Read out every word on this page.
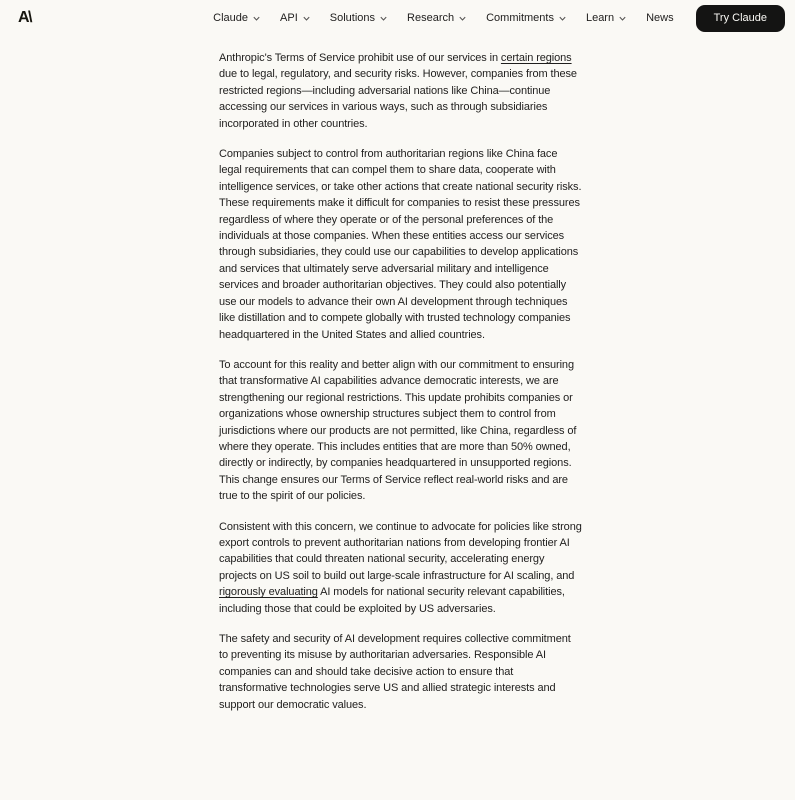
A\	Claude	API	Solutions	Research	Commitments	Learn	News	Try Claude

Anthropic's Terms of Service prohibit use of our services in certain regions due to legal, regulatory, and security risks. However, companies from these restricted regions—including adversarial nations like China—continue accessing our services in various ways, such as through subsidiaries incorporated in other countries.

Companies subject to control from authoritarian regions like China face legal requirements that can compel them to share data, cooperate with intelligence services, or take other actions that create national security risks. These requirements make it difficult for companies to resist these pressures regardless of where they operate or of the personal preferences of the individuals at those companies. When these entities access our services through subsidiaries, they could use our capabilities to develop applications and services that ultimately serve adversarial military and intelligence services and broader authoritarian objectives. They could also potentially use our models to advance their own AI development through techniques like distillation and to compete globally with trusted technology companies headquartered in the United States and allied countries.

To account for this reality and better align with our commitment to ensuring that transformative AI capabilities advance democratic interests, we are strengthening our regional restrictions. This update prohibits companies or organizations whose ownership structures subject them to control from jurisdictions where our products are not permitted, like China, regardless of where they operate. This includes entities that are more than 50% owned, directly or indirectly, by companies headquartered in unsupported regions. This change ensures our Terms of Service reflect real-world risks and are true to the spirit of our policies.

Consistent with this concern, we continue to advocate for policies like strong export controls to prevent authoritarian nations from developing frontier AI capabilities that could threaten national security, accelerating energy projects on US soil to build out large-scale infrastructure for AI scaling, and rigorously evaluating AI models for national security relevant capabilities, including those that could be exploited by US adversaries.

The safety and security of AI development requires collective commitment to preventing its misuse by authoritarian adversaries. Responsible AI companies can and should take decisive action to ensure that transformative technologies serve US and allied strategic interests and support our democratic values.
